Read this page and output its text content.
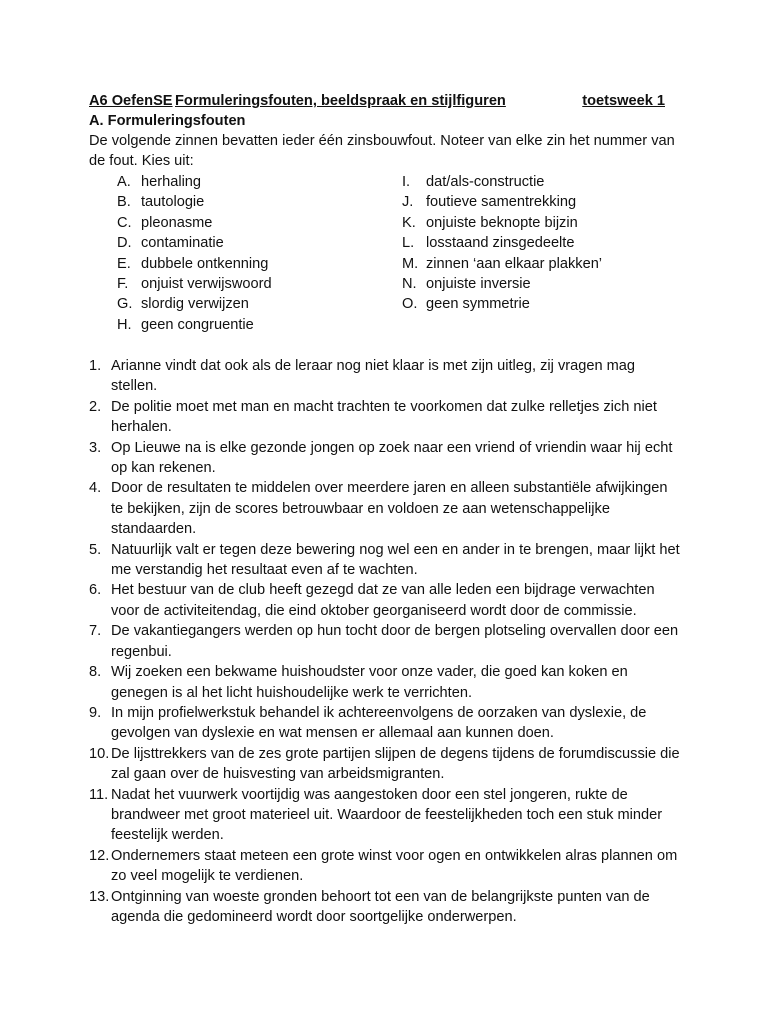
A6 OefenSE Formuleringsfouten, beeldspraak en stijlfiguren	toetsweek 1
A. Formuleringsfouten
De volgende zinnen bevatten ieder één zinsbouwfout. Noteer van elke zin het nummer van de fout. Kies uit:
A. herhaling
B. tautologie
C. pleonasme
D. contaminatie
E. dubbele ontkenning
F. onjuist verwijswoord
G. slordig verwijzen
H. geen congruentie
I. dat/als-constructie
J. foutieve samentrekking
K. onjuiste beknopte bijzin
L. losstaand zinsgedeelte
M. zinnen ‘aan elkaar plakken’
N. onjuiste inversie
O. geen symmetrie
1. Arianne vindt dat ook als de leraar nog niet klaar is met zijn uitleg, zij vragen mag stellen.
2. De politie moet met man en macht trachten te voorkomen dat zulke relletjes zich niet herhalen.
3. Op Lieuwe na is elke gezonde jongen op zoek naar een vriend of vriendin waar hij echt op kan rekenen.
4. Door de resultaten te middelen over meerdere jaren en alleen substantiële afwijkingen te bekijken, zijn de scores betrouwbaar en voldoen ze aan wetenschappelijke standaarden.
5. Natuurlijk valt er tegen deze bewering nog wel een en ander in te brengen, maar lijkt het me verstandig het resultaat even af te wachten.
6. Het bestuur van de club heeft gezegd dat ze van alle leden een bijdrage verwachten voor de activiteitendag, die eind oktober georganiseerd wordt door de commissie.
7. De vakantiegangers werden op hun tocht door de bergen plotseling overvallen door een regenbui.
8. Wij zoeken een bekwame huishoudster voor onze vader, die goed kan koken en genegen is al het licht huishoudelijke werk te verrichten.
9. In mijn profielwerkstuk behandel ik achtereenvolgens de oorzaken van dyslexie, de gevolgen van dyslexie en wat mensen er allemaal aan kunnen doen.
10. De lijsttrekkers van de zes grote partijen slijpen de degens tijdens de forumdiscussie die zal gaan over de huisvesting van arbeidsmigranten.
11. Nadat het vuurwerk voortijdig was aangestoken door een stel jongeren, rukte de brandweer met groot materieel uit. Waardoor de feestelijkheden toch een stuk minder feestelijk werden.
12. Ondernemers staat meteen een grote winst voor ogen en ontwikkelen alras plannen om zo veel mogelijk te verdienen.
13. Ontginning van woeste gronden behoort tot een van de belangrijkste punten van de agenda die gedomineerd wordt door soortgelijke onderwerpen.
